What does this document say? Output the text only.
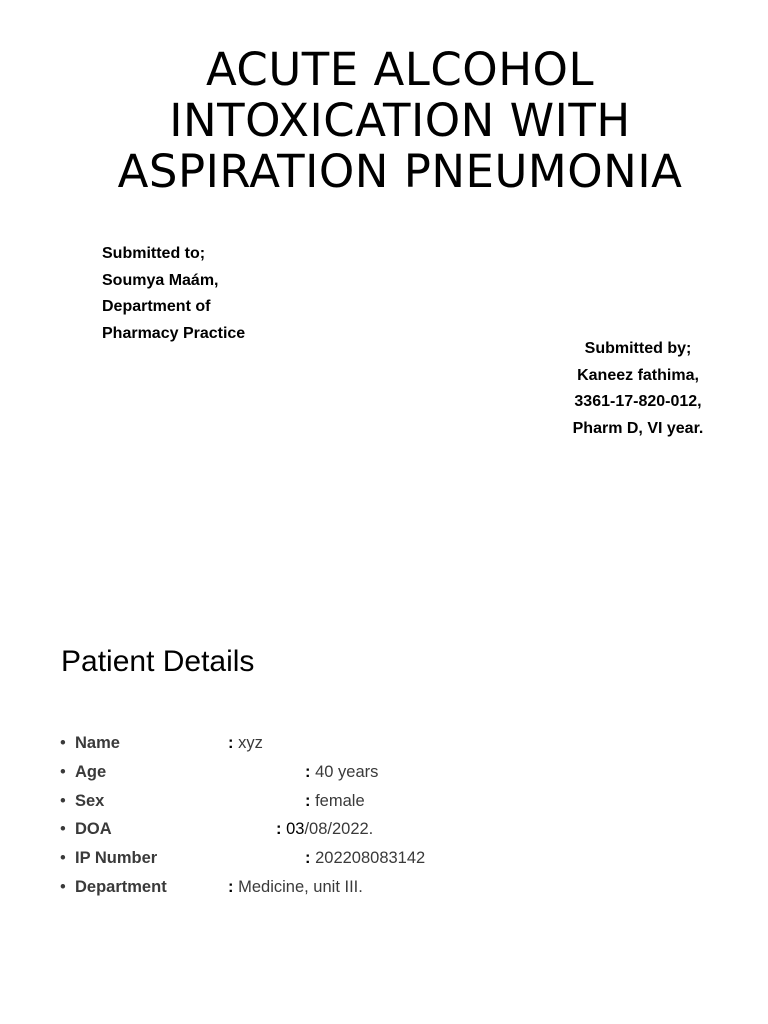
ACUTE ALCOHOL
INTOXICATION WITH
ASPIRATION PNEUMONIA
Submitted to;
Soumya Maám,
Department of
Pharmacy Practice
Submitted by;
Kaneez fathima,
3361-17-820-012,
Pharm D, VI year.
Patient Details
• Name	: xyz
• Age	: 40 years
• Sex	: female
• DOA	: 03/08/2022.
• IP Number	: 202208083142
• Department	: Medicine, unit III.
